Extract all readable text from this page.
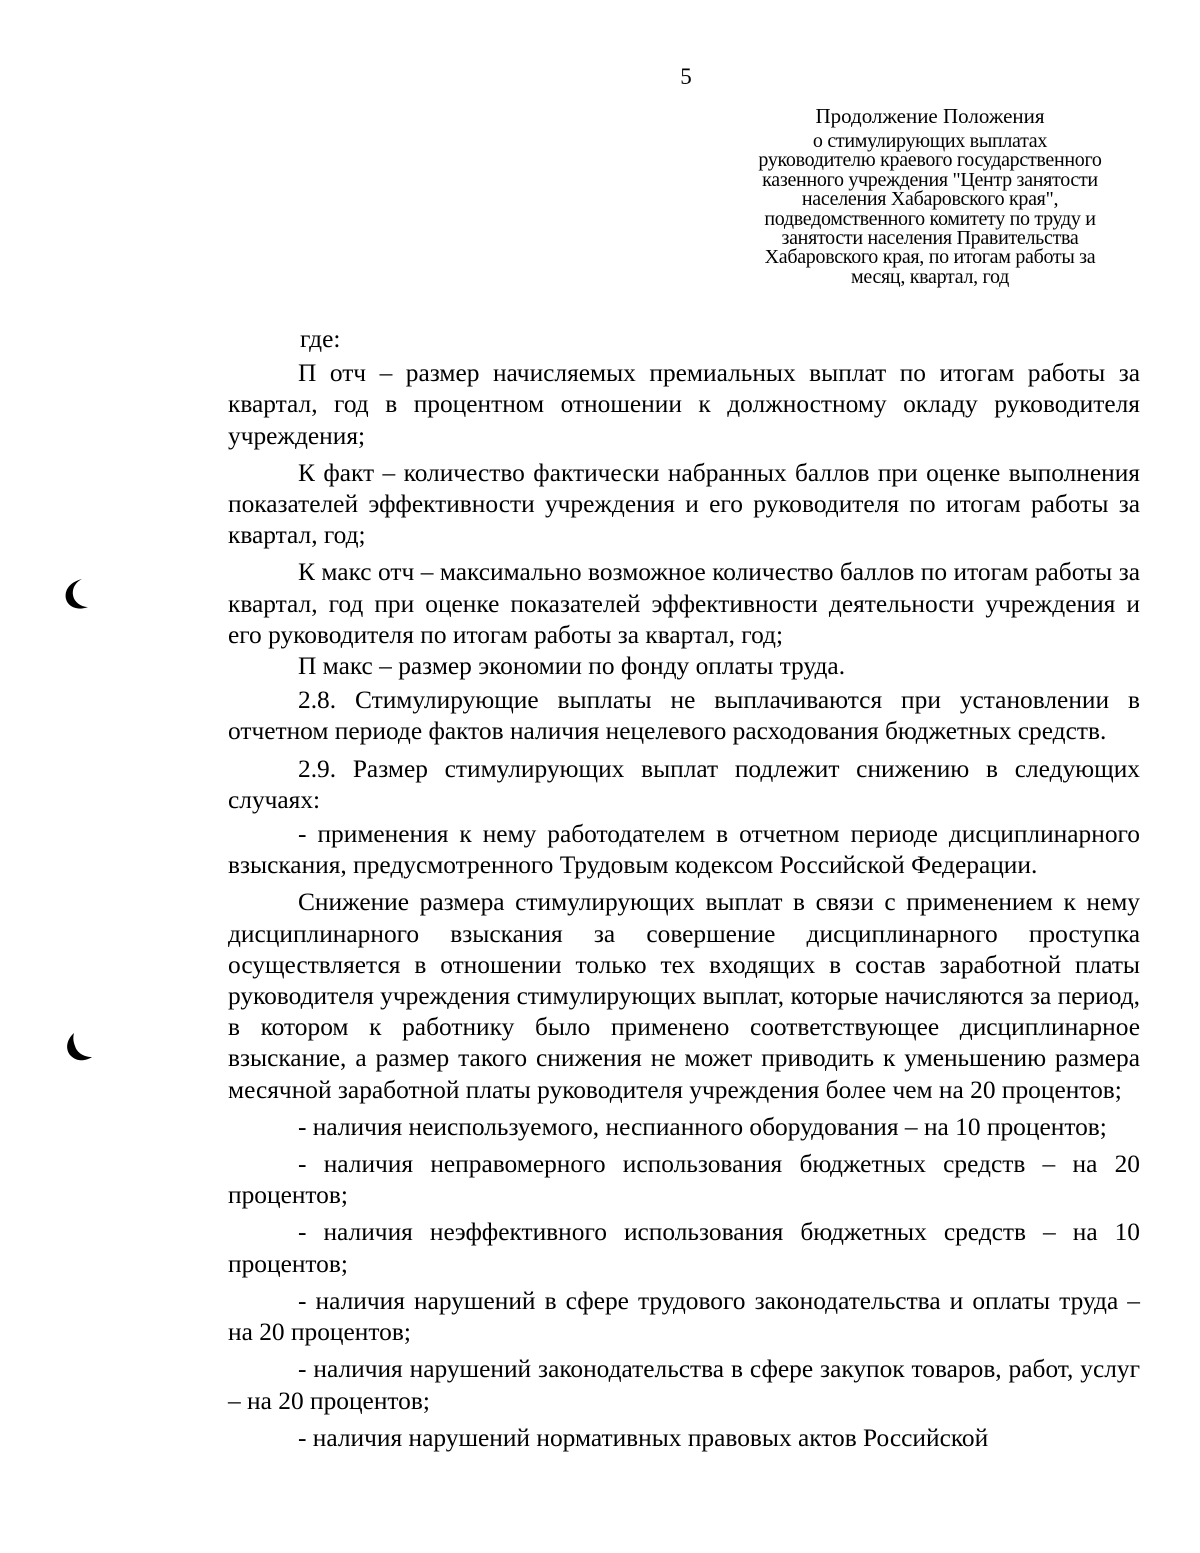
5
Продолжение Положения
о стимулирующих выплатах
руководителю краевого государственного
казенного учреждения "Центр занятости
населения Хабаровского края",
подведомственного комитету по труду и
занятости населения Правительства
Хабаровского края, по итогам работы за
месяц, квартал, год

где:

П отч – размер начисляемых премиальных выплат по итогам работы за квартал, год в процентном отношении к должностному окладу руководителя учреждения;

К факт – количество фактически набранных баллов при оценке выполнения показателей эффективности учреждения и его руководителя по итогам работы за квартал, год;

К макс отч – максимально возможное количество баллов по итогам работы за квартал, год при оценке показателей эффективности деятельности учреждения и его руководителя по итогам работы за квартал, год;

П макс – размер экономии по фонду оплаты труда.

2.8. Стимулирующие выплаты не выплачиваются при установлении в отчетном периоде фактов наличия нецелевого расходования бюджетных средств.

2.9. Размер стимулирующих выплат подлежит снижению в следующих случаях:

- применения к нему работодателем в отчетном периоде дисциплинарного взыскания, предусмотренного Трудовым кодексом Российской Федерации.

Снижение размера стимулирующих выплат в связи с применением к нему дисциплинарного взыскания за совершение дисциплинарного проступка осуществляется в отношении только тех входящих в состав заработной платы руководителя учреждения стимулирующих выплат, которые начисляются за период, в котором к работнику было применено соответствующее дисциплинарное взыскание, а размер такого снижения не может приводить к уменьшению размера месячной заработной платы руководителя учреждения более чем на 20 процентов;

- наличия неиспользуемого, неспианного оборудования – на 10 процентов;

- наличия неправомерного использования бюджетных средств – на 20 процентов;

- наличия неэффективного использования бюджетных средств – на 10 процентов;

- наличия нарушений в сфере трудового законодательства и оплаты труда – на 20 процентов;

- наличия нарушений законодательства в сфере закупок товаров, работ, услуг – на 20 процентов;

- наличия нарушений нормативных правовых актов Российской
